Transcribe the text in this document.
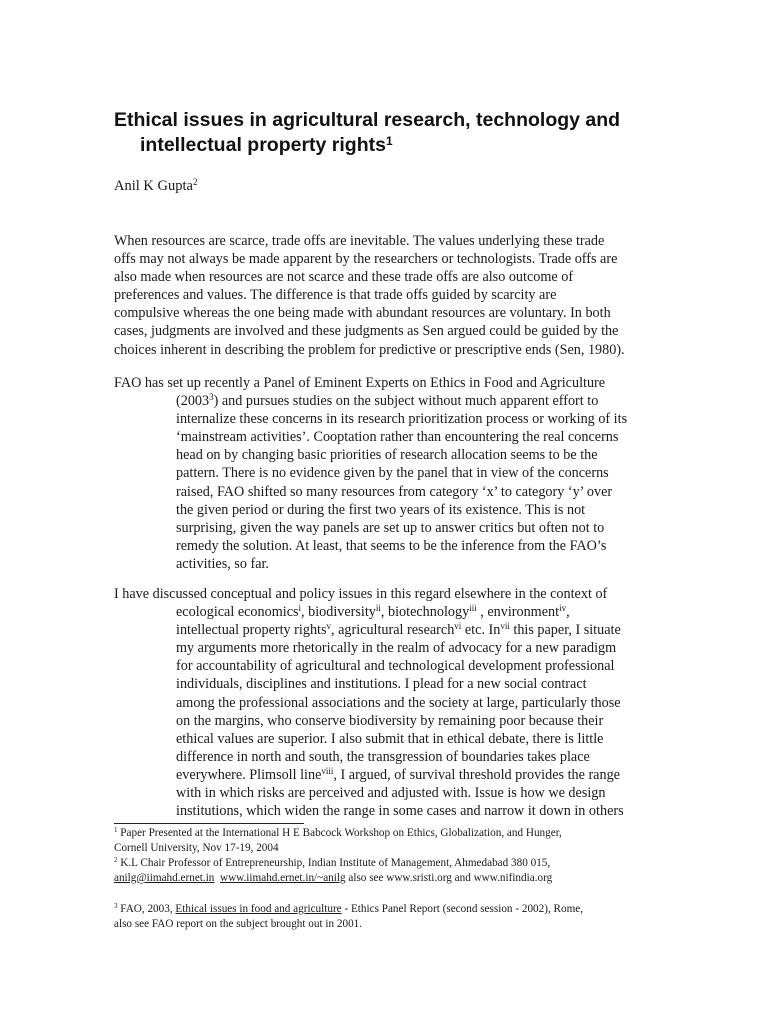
Ethical issues in agricultural research, technology and
intellectual property rights$^1$

Anil K Gupta$^2$

When resources are scarce, trade offs are inevitable. The values underlying these trade
offs may not always be made apparent by the researchers or technologists. Trade offs are
also made when resources are not scarce and these trade offs are also outcome of
preferences and values. The difference is that trade offs guided by scarcity are
compulsive whereas the one being made with abundant resources are voluntary. In both
cases, judgments are involved and these judgments as Sen argued could be guided by the
choices inherent in describing the problem for predictive or prescriptive ends (Sen, 1980).

FAO has set up recently a Panel of Eminent Experts on Ethics in Food and Agriculture
(2003$^3$) and pursues studies on the subject without much apparent effort to
internalize these concerns in its research prioritization process or working of its
‘mainstream activities’. Cooptation rather than encountering the real concerns
head on by changing basic priorities of research allocation seems to be the
pattern. There is no evidence given by the panel that in view of the concerns
raised, FAO shifted so many resources from category ‘x’ to category ‘y’ over
the given period or during the first two years of its existence. This is not
surprising, given the way panels are set up to answer critics but often not to
remedy the solution. At least, that seems to be the inference from the FAO’s
activities, so far.

I have discussed conceptual and policy issues in this regard elsewhere in the context of
ecological economics$^i$, biodiversity$^{ii}$, biotechnology$^{iii}$ , environment$^{iv}$,
intellectual property rights$^v$, agricultural research$^{vi}$ etc. In$^{vii}$ this paper, I situate
my arguments more rhetorically in the realm of advocacy for a new paradigm
for accountability of agricultural and technological development professional
individuals, disciplines and institutions. I plead for a new social contract
among the professional associations and the society at large, particularly those
on the margins, who conserve biodiversity by remaining poor because their
ethical values are superior. I also submit that in ethical debate, there is little
difference in north and south, the transgression of boundaries takes place
everywhere. Plimsoll line$^{viii}$, I argued, of survival threshold provides the range
with in which risks are perceived and adjusted with. Issue is how we design
institutions, which widen the range in some cases and narrow it down in others

$^1$ Paper Presented at the International H E Babcock Workshop on Ethics, Globalization, and Hunger,
Cornell University, Nov 17-19, 2004

$^2$ K.L Chair Professor of Entrepreneurship, Indian Institute of Management, Ahmedabad 380 015,
anilg@iimahd.ernet.in www.iimahd.ernet.in/~anilg also see www.sristi.org and www.nifindia.org

$^3$ FAO, 2003, Ethical issues in food and agriculture - Ethics Panel Report (second session - 2002), Rome,
also see FAO report on the subject brought out in 2001.
